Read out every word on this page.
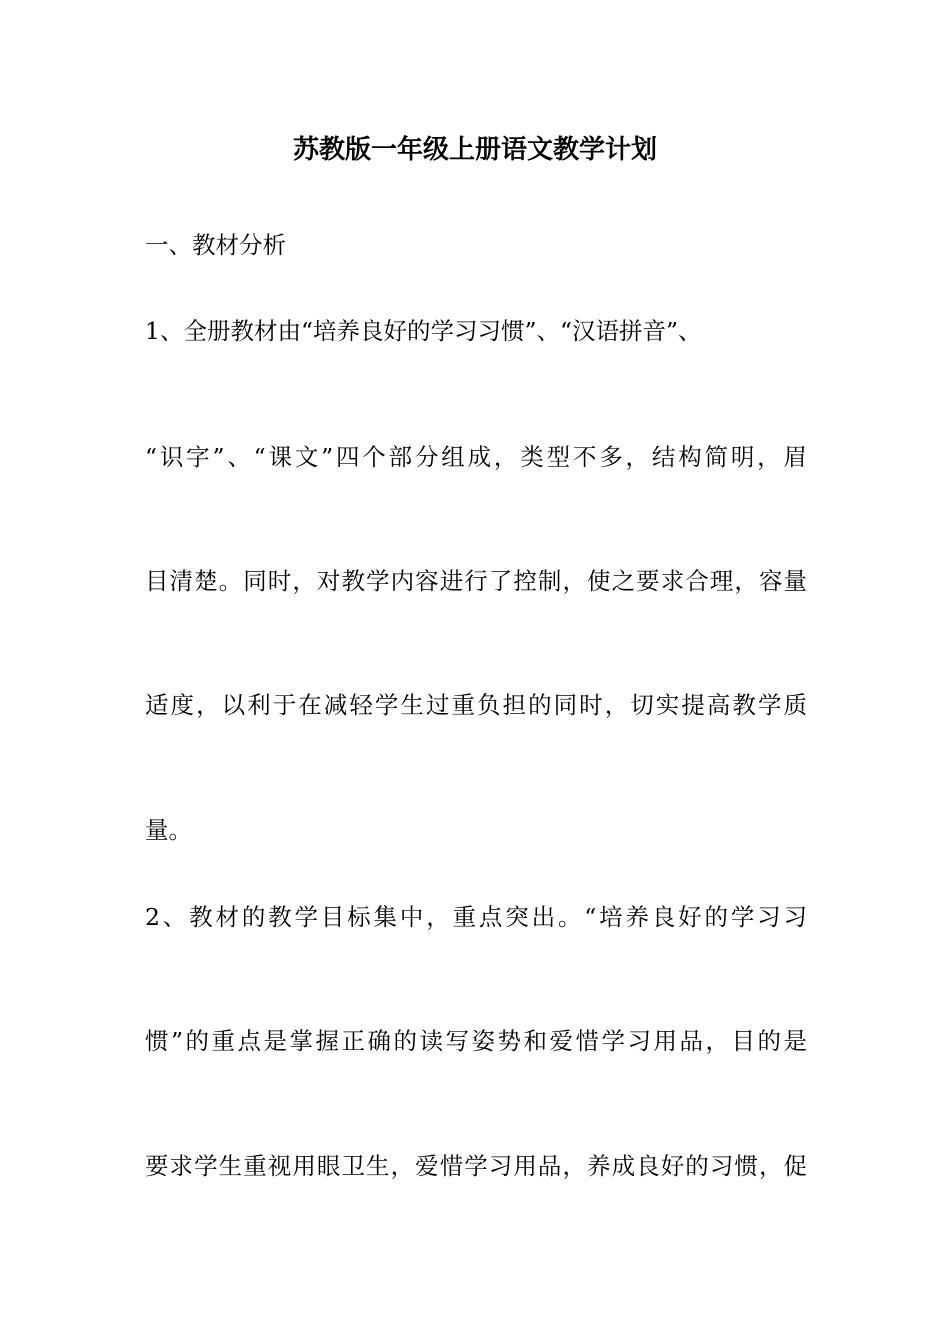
苏教版一年级上册语文教学计划
一、教材分析
1、全册教材由“培养良好的学习习惯”、“汉语拼音”、
“识字”、“课文”四个部分组成，类型不多，结构简明，眉
目清楚。同时，对教学内容进行了控制，使之要求合理，容量
适度，以利于在减轻学生过重负担的同时，切实提高教学质
量。
2、教材的教学目标集中，重点突出。“培养良好的学习习
惯”的重点是掌握正确的读写姿势和爱惜学习用品，目的是
要求学生重视用眼卫生，爱惜学习用品，养成良好的习惯，促
